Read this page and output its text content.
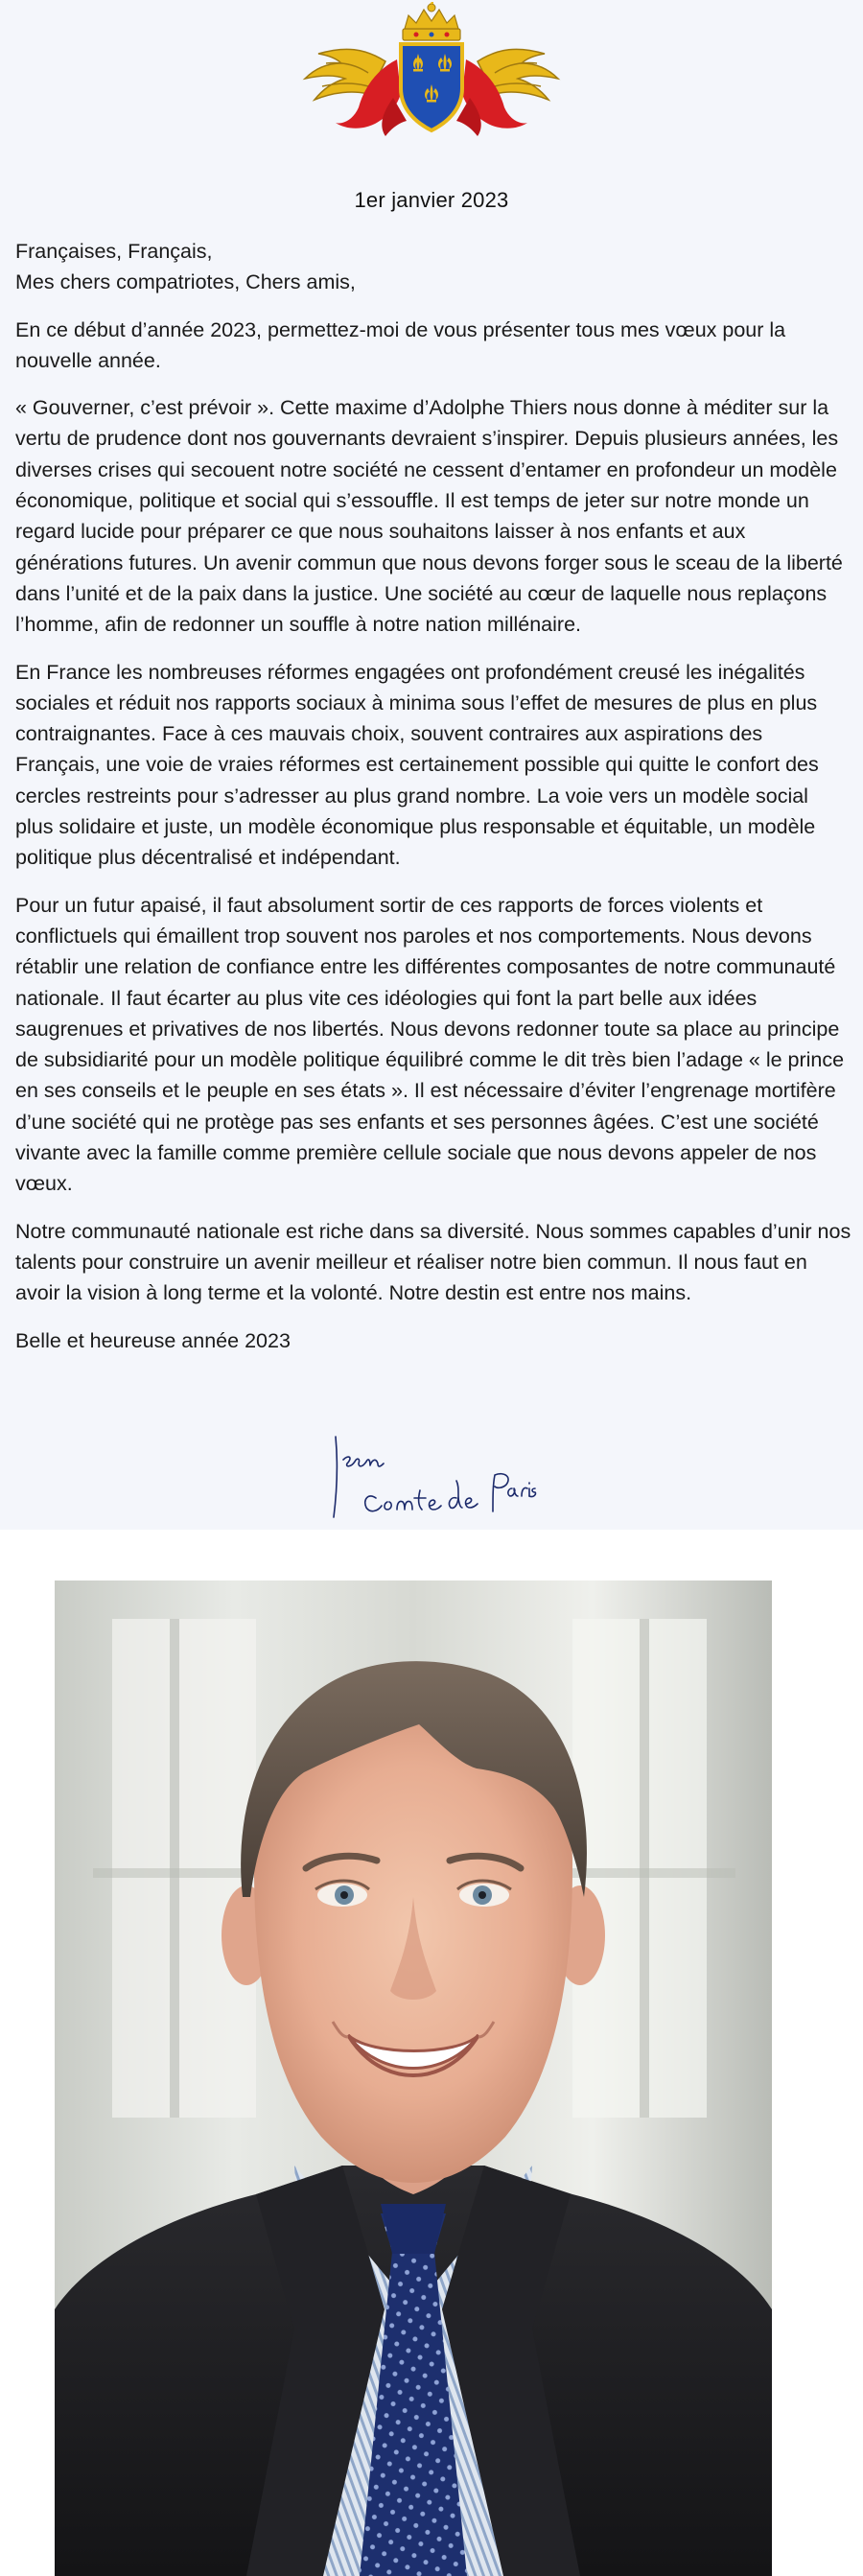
1er janvier 2023

Françaises, Français,

Mes chers compatriotes, Chers amis,

En ce début d’année 2023, permettez-moi de vous présenter tous mes vœux pour la nouvelle année.

« Gouverner, c’est prévoir ». Cette maxime d’Adolphe Thiers nous donne à méditer sur la vertu de prudence dont nos gouvernants devraient s’inspirer. Depuis plusieurs années, les diverses crises qui secouent notre société ne cessent d’entamer en profondeur un modèle économique, politique et social qui s’essouffle. Il est temps de jeter sur notre monde un regard lucide pour préparer ce que nous souhaitons laisser à nos enfants et aux générations futures. Un avenir commun que nous devons forger sous le sceau de la liberté dans l’unité et de la paix dans la justice. Une société au cœur de laquelle nous replaçons l’homme, afin de redonner un souffle à notre nation millénaire.

En France les nombreuses réformes engagées ont profondément creusé les inégalités sociales et réduit nos rapports sociaux à minima sous l’effet de mesures de plus en plus contraignantes. Face à ces mauvais choix, souvent contraires aux aspirations des Français, une voie de vraies réformes est certainement possible qui quitte le confort des cercles restreints pour s’adresser au plus grand nombre. La voie vers un modèle social plus solidaire et juste, un modèle économique plus responsable et équitable, un modèle politique plus décentralisé et indépendant.

Pour un futur apaisé, il faut absolument sortir de ces rapports de forces violents et conflictuels qui émaillent trop souvent nos paroles et nos comportements. Nous devons rétablir une relation de confiance entre les différentes composantes de notre communauté nationale. Il faut écarter au plus vite ces idéologies qui font la part belle aux idées saugrenues et privatives de nos libertés. Nous devons redonner toute sa place au principe de subsidiarité pour un modèle politique équilibré comme le dit très bien l’adage « le prince en ses conseils et le peuple en ses états ». Il est nécessaire d’éviter l’engrenage mortifère d’une société qui ne protège pas ses enfants et ses personnes âgées. C’est une société vivante avec la famille comme première cellule sociale que nous devons appeler de nos vœux.

Notre communauté nationale est riche dans sa diversité. Nous sommes capables d’unir nos talents pour construire un avenir meilleur et réaliser notre bien commun. Il nous faut en avoir la vision à long terme et la volonté. Notre destin est entre nos mains.

Belle et heureuse année 2023
